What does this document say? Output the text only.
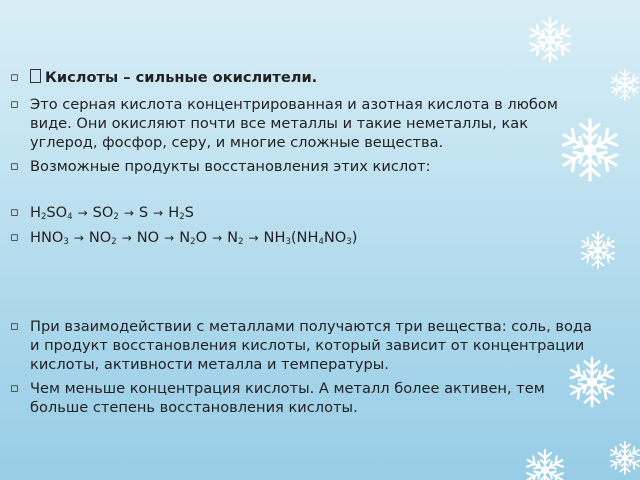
▫	Кислоты – сильные окислители.
▫ Это серная кислота концентрированная и азотная кислота в любом виде. Они окисляют почти все металлы и такие неметаллы, как углерод, фосфор, серу, и многие сложные вещества.
▫ Возможные продукты восстановления этих кислот:
▫ $H_2SO_4 \to SO_2 \to S \to H_2S$
▫ $HNO_3 \to NO_2$ → NO → $N_2O \to N_2 \to NH_3(NH_4NO_3)$
▫ При взаимодействии с металлами получаются три вещества: соль, вода и продукт восстановления кислоты, который зависит от концентрации кислоты, активности металла и температуры.
▫ Чем меньше концентрация кислоты. А металл более активен, тем больше степень восстановления кислоты.
